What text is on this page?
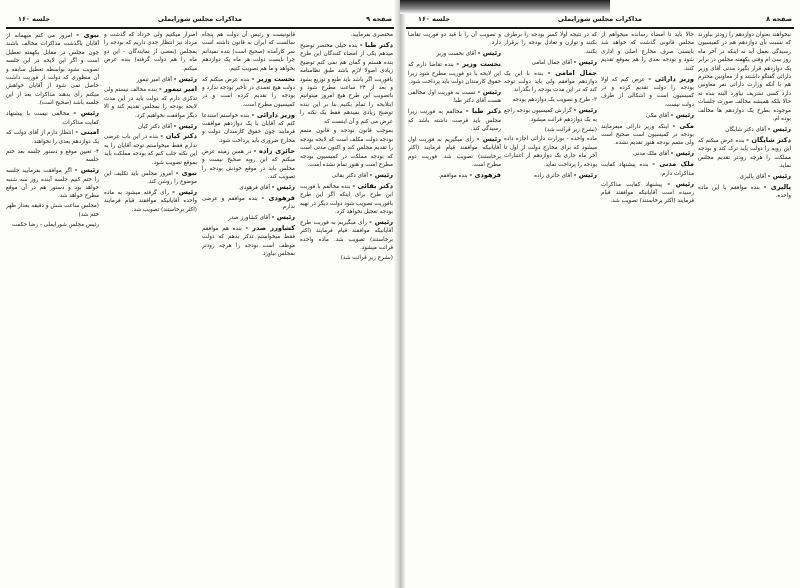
صفحه ۹
مذاکرات مجلس شورایملی
جلسه ۱۶۰

مختصری بفرمایید.

دکتر طبا - بنده خیلی مختصر توضیح میدهم یکی از امضاء کنندگان این طرح بنده هستم و گمان هم نمی کنم توضیح زیادی اصولا لازم باشد طبق نظامنامه بافوریت اگر باشد باید طبع و توزیع بشود و بعد از ۲۴ ساعت مطرح شود و باتصویب این طرح هیچ امروز میتوانیم اینلایحه را تمام بکنیم بنا بر این بنده توضیح زیادی نمیدهم فقط یک نکته را عرض می کنم و آن اینست که

بموجب قانون بودجه و قانون متمم بودجه دولت مکلف است که لایحه بودجه را تقدیم مجلس کند و اکنون مدتی است که بودجه مملکت در کمیسیون بودجه مطرح است و هنوز تمام نشده است.

رئیس - آقای دکتر بقائی

دکتر بقائی - بنده مخالفم با فوریت این طرح برای اینکه اگر این طرح بافوریت تصویب شود دولت دیگر در تهیه بودجه تعجیل نخواهد کرد.

رئیس - رأی میگیریم به فوریت طرح آقایانیکه موافقند قیام فرمایند (اکثر برخاستند) تصویب شد. ماده واحده قرائت میشود.

(بشرح زیر قرائت شد)

قانونیست و رئیس آن دولت هم پنجاه سالست که ایران به قانون داشته است سر کارآمده (صحیح است) بنده نمیدانم چرا بایست دولت هر ماه یک دوازدهم بخواهد و ما هم تصویب کنیم.

نخست وزیر - بنده عرض میکنم که دولت هیچ تعمدی در تأخیر بودجه ندارد و بودجه را تقدیم کرده است و در کمیسیون مطرح است.

وزیر دارائی - بنده خواستم استدعا کنم که آقایان با یک دوازدهم موافقت فرمایند چون حقوق کارمندان دولت و مخارج ضروری باید پرداخت شود.

حائری زاده - در همین زمینه عرض میکنم که این رویه صحیح نیست و مجلس باید در موقع خودش بودجه را تصویب کند.

رئیس - آقای فرهودی

فرهودی - بنده موافقم و عرضی ندارم.

رئیس - آقای کشاورز صدر

کشاورز صدر - بنده هم موافقم فقط میخواستم تذکر بدهم که دولت موظف است بودجه را هرچه زودتر بمجلس بیاورد.

اصرار میکنیم ولی خرداد که گذشت و مرداد نیز انتظار جدی داریم که بودجه را بمجلس (بعضی از نمایندگان - این دو ماه را هم دولت گرفته) بنده عرض میکنم.

رئیس - آقای امیر تیمور

امیر تیمور - بنده مخالف نیستم ولی تذکری دارم که دولت باید در این مدت لایحه بودجه را بمجلس تقدیم کند و الا دیگر موافقت نخواهیم کرد.

رئیس - آقای دکتر کیان

دکتر کیان - بنده در این باب عرضی ندارم فقط میخواستم توجه آقایان را به این نکته جلب کنم که بودجه مملکت باید بموقع تصویب شود.

نبوی - امروز مجلس باید تکلیف این موضوع را روشن کند.

رئیس - رأی گرفته میشود به ماده واحده آقایانیکه موافقند قیام فرمایند (اکثر برخاستند) تصویب شد.

نبوی - امروز می کنم میهمانه از آقایان باگذشت مذاکرات مخالف باشند چون مجلس در مقابل یکهفته تعطیل است و اگر این لایحه در این جلسه تصویب نشود بواسطه تعطیل سابقه و آن منظوری که دولت از فوریت داشت حاصل نمی شود از آقایان خواهش میکنم رأی بدهند مذاکرات بعد از این جلسه باشد (صحیح است).

رئیس - مخالفی نیست با پیشنهاد کفایت مذاکرات.

امینی - انتظار دارم از آقای دولت که یک دوازدهم بعدی را نخواهند.

۴- تعیین موقع و دستور جلسه بعد ختم جلسه

رئیس - اگر موافقت بفرمایید جلسه را ختم کنیم جلسه آینده روز سه شنبه خواهد بود و دستور هم در آن موقع مطرح خواهد شد.

(مجلس ساعت شش و دقیقه بعداز ظهر ختم شد)

رئیس مجلس شورایملی - رضا حکمت

صفحه ۸
مذاکرات مجلس شورایملی
جلسه ۱۶۰

نیخواهند بعنوان دوازدهم را زودتر بیاورند که نسبت بآن دوازدهم هم در کمیسیون رسیدگی بعمل آید نه اینکه در آخر ماه روز سی ام وقتی یکهفته مجلس در برابر یک دوازدهم قرار بگیرد مدتی آقای وزیر دارائی گفتگو داشتند و از معاونین محترم هم با آنکه وزارت دارائی نفر معاونین دارد کسی تشریف نیاورد البته بنده نه حالا بلکه همیشه مخالف صورت جلسات موجوده بطرح یک دوازدهم ها مخالف بوده ام.

رئیس - آقای دکتر شایگان

دکتر شایگان - بنده عرض میکنم که این رویه را دولت باید ترک کند و بودجه مملکت را هرچه زودتر تقدیم مجلس نماید.

رئیس - آقای پالیزی

پالیزی - بنده موافقم با این ماده واحده.

حالا باید تا امضاء رسانده میخواهم از مجلس قانونی گذشت که خواهد شد بایستی صرف مخارج اصلی و اداری شود و بودجه بعدی را هم بموقع تقدیم کنند.

وزیر دارائی - عرض کنم که اولا بودجه را دولت تقدیم کرده و در کمیسیون است و اشکالی از طرف دولت نیست.

رئیس - آقای مکی

مکی - اینکه وزیر دارائی میفرمایند بودجه در کمیسیون است صحیح است ولی متمم بودجه هنوز تقدیم نشده.

رئیس - آقای ملک مدنی

ملک مدنی - بنده پیشنهاد کفایت مذاکرات دارم.

رئیس - پیشنهاد کفایت مذاکرات رسیده است آقایانیکه موافقند قیام فرمایند (اکثر برخاستند) تصویب شد.

که در نتیجه اولا کسر بودجه را برطرف بکنند و توازن و تعادل بودجه را برقرار بکنند.

رئیس - آقای جمال امامی

جمال امامی - بنده با این یک دوازدهم موافقم ولی باید دولت توجه کند که در این مدت بودجه را بگذراند.

۳- طرح و تصویب یک دوازدهم بودجه

رئیس - گزارش کمیسیون بودجه راجع به یک دوازدهم قرائت میشود.

(بشرح زیر قرائت شد)

ماده واحده - بوزارت دارائی اجازه داده میشود که برای مخارج دولت از اول تا آخر ماه جاری یک دوازدهم از اعتبارات بودجه را پرداخت نماید.

رئیس - آقای حائری زاده

و تصویب آن را با قید دو فوریت تقاضا دارد.

رئیس - آقای نخست وزیر

نخست وزیر - بنده تقاضا دارم که این لایحه با دو فوریت مطرح شود زیرا حقوق کارمندان دولت باید پرداخت شود.

رئیس - نسبت به فوریت اول مخالفی هست آقای دکتر طبا.

دکتر طبا - مخالفم به فوریت زیرا مجلس باید فرصت داشته باشد که رسیدگی کند.

رئیس - رأی میگیریم به فوریت اول آقایانیکه موافقند قیام فرمایند (اکثر برخاستند) تصویب شد. فوریت دوم مطرح است.

فرهودی - بنده موافقم.
